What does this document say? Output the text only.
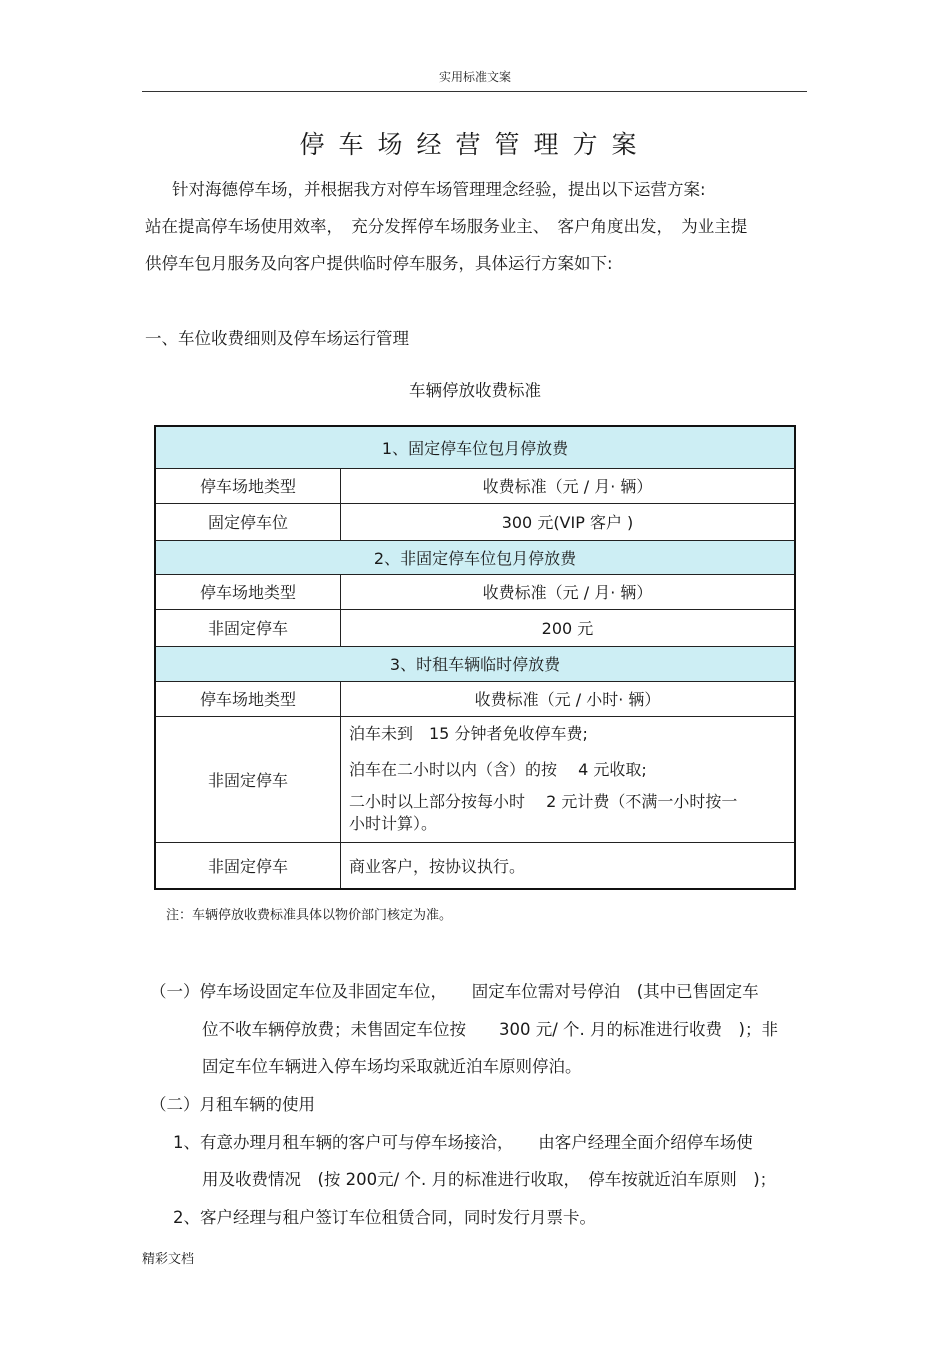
实用标准文案
停车场经营管理方案
针对海德停车场，并根据我方对停车场管理理念经验，提出以下运营方案:
站在提高停车场使用效率，　充分发挥停车场服务业主、　客户角度出发，　为业主提
供停车包月服务及向客户提供临时停车服务，具体运行方案如下:
一、车位收费细则及停车场运行管理
车辆停放收费标准
1、固定停车位包月停放费	
停车场地类型	收费标准（元 / 月· 辆）
固定停车位	300 元(VIP 客户 )
2、非固定停车位包月停放费	
停车场地类型	收费标准（元 / 月· 辆）
非固定停车	200 元
3、时租车辆临时停放费	
停车场地类型	收费标准（元 / 小时· 辆）
非固定停车	泊车未到　15 分钟者免收停车费;
泊车在二小时以内（含）的按　 4 元收取;
二小时以上部分按每小时　 2 元计费（不满一小时按一
小时计算）。

非固定停车	商业客户，按协议执行。
注：车辆停放收费标准具体以物价部门核定为准。
（一）停车场设固定车位及非固定车位，　　固定车位需对号停泊　(其中已售固定车
位不收车辆停放费；未售固定车位按　　300 元/ 个. 月的标准进行收费　)；非
固定车位车辆进入停车场均采取就近泊车原则停泊。
（二）月租车辆的使用
1、有意办理月租车辆的客户可与停车场接洽，　　由客户经理全面介绍停车场使
用及收费情况　(按 200元/ 个. 月的标准进行收取，　停车按就近泊车原则　)；
2、客户经理与租户签订车位租赁合同，同时发行月票卡。
精彩文档
